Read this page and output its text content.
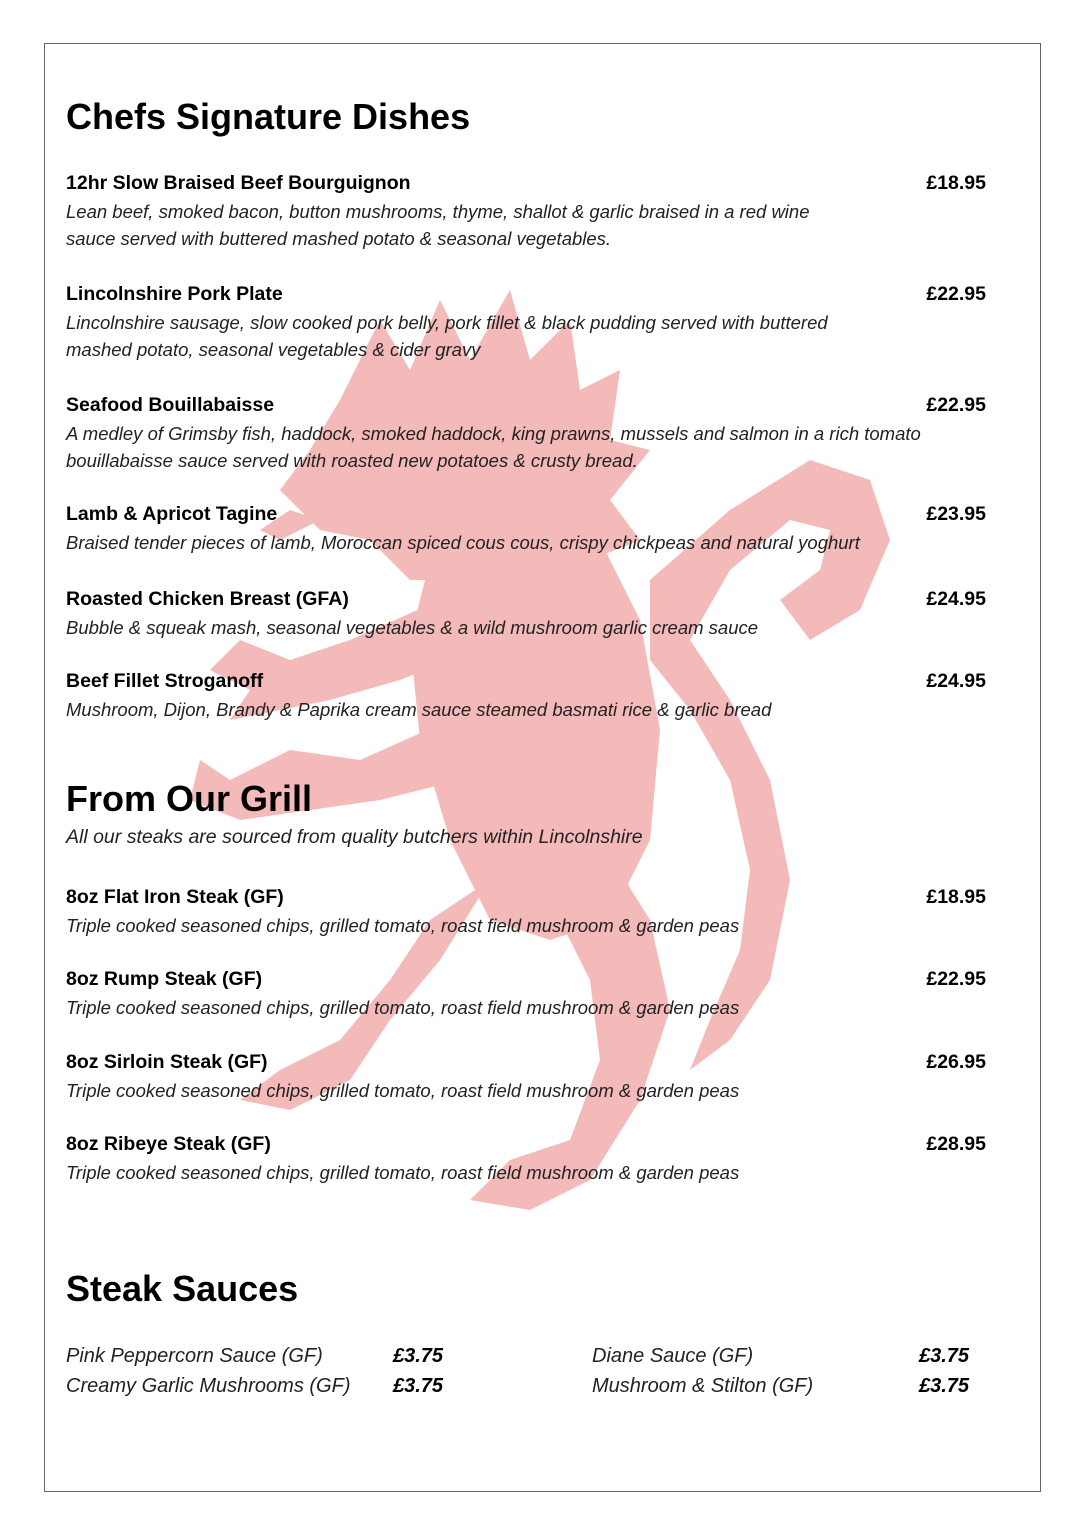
Chefs Signature Dishes
12hr Slow Braised Beef Bourguignon	£18.95
Lean beef, smoked bacon, button mushrooms, thyme, shallot & garlic braised in a red wine
sauce served with buttered mashed potato & seasonal vegetables.
Lincolnshire Pork Plate	£22.95
Lincolnshire sausage, slow cooked pork belly, pork fillet & black pudding served with buttered
mashed potato, seasonal vegetables & cider gravy
Seafood Bouillabaisse	£22.95
A medley of Grimsby fish, haddock, smoked haddock, king prawns, mussels and salmon in a rich tomato
bouillabaisse sauce served with roasted new potatoes & crusty bread.
Lamb & Apricot Tagine	£23.95
Braised tender pieces of lamb, Moroccan spiced cous cous, crispy chickpeas and natural yoghurt
Roasted Chicken Breast (GFA)	£24.95
Bubble & squeak mash, seasonal vegetables & a wild mushroom garlic cream sauce
Beef Fillet Stroganoff	£24.95
Mushroom, Dijon, Brandy & Paprika cream sauce steamed basmati rice & garlic bread
From Our Grill
All our steaks are sourced from quality butchers within Lincolnshire
8oz Flat Iron Steak (GF)	£18.95
Triple cooked seasoned chips, grilled tomato, roast field mushroom & garden peas
8oz Rump Steak (GF)	£22.95
Triple cooked seasoned chips, grilled tomato, roast field mushroom & garden peas
8oz Sirloin Steak (GF)	£26.95
Triple cooked seasoned chips, grilled tomato, roast field mushroom & garden peas
8oz Ribeye Steak (GF)	£28.95
Triple cooked seasoned chips, grilled tomato, roast field mushroom & garden peas
Steak Sauces
Pink Peppercorn Sauce (GF)	£3.75	Diane Sauce (GF)	£3.75
Creamy Garlic Mushrooms (GF) £3.75	Mushroom & Stilton (GF)	£3.75
